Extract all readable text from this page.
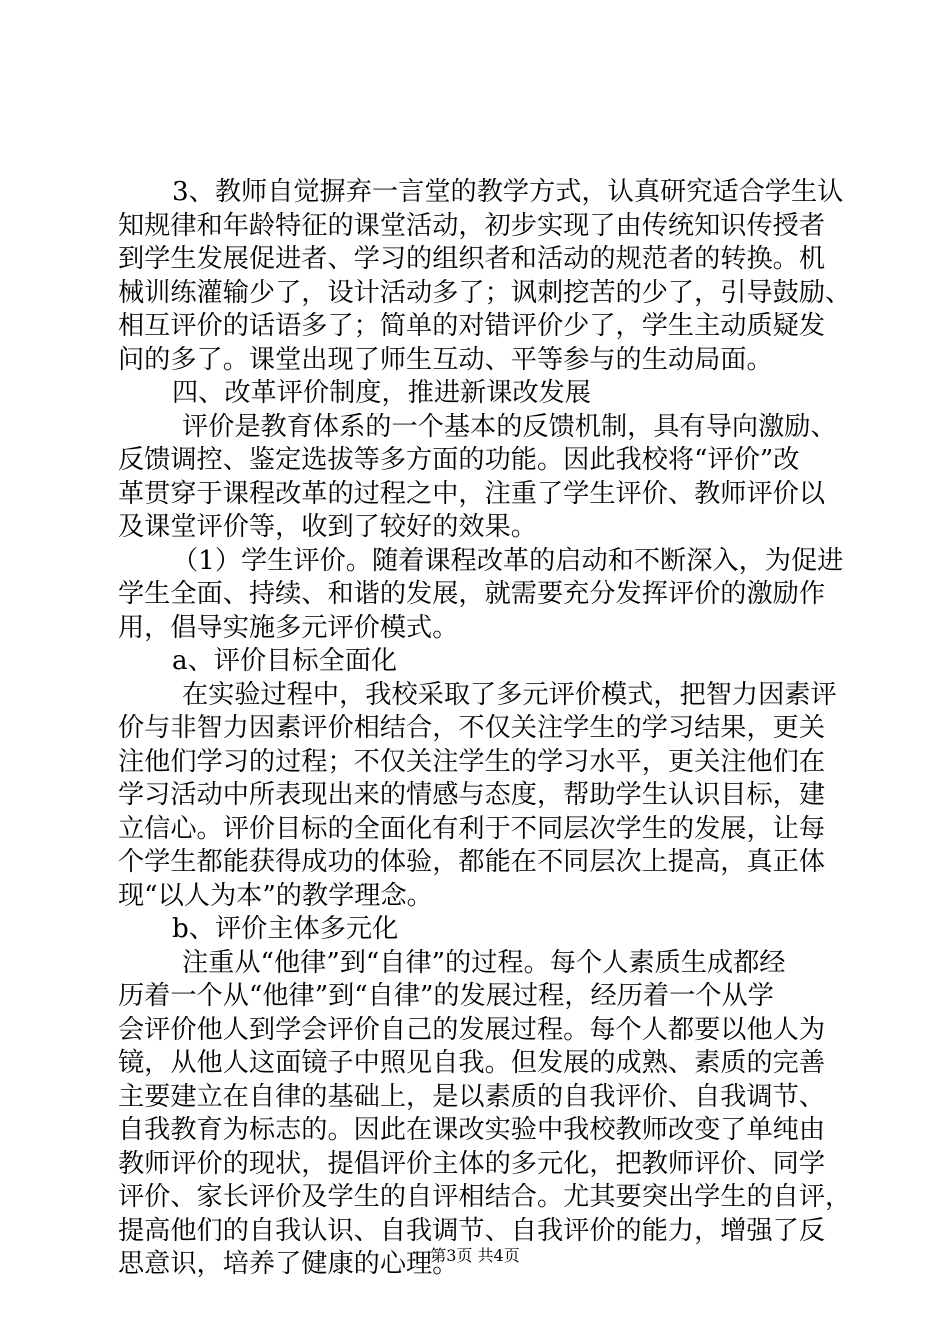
3、教师自觉摒弃一言堂的教学方式，认真研究适合学生认
知规律和年龄特征的课堂活动，初步实现了由传统知识传授者
到学生发展促进者、学习的组织者和活动的规范者的转换。机
械训练灌输少了，设计活动多了；讽刺挖苦的少了，引导鼓励、
相互评价的话语多了；简单的对错评价少了，学生主动质疑发
问的多了。课堂出现了师生互动、平等参与的生动局面。
四、改革评价制度，推进新课改发展
评价是教育体系的一个基本的反馈机制，具有导向激励、
反馈调控、鉴定选拔等多方面的功能。因此我校将“评价”改
革贯穿于课程改革的过程之中，注重了学生评价、教师评价以
及课堂评价等，收到了较好的效果。
（1）学生评价。随着课程改革的启动和不断深入，为促进
学生全面、持续、和谐的发展，就需要充分发挥评价的激励作
用，倡导实施多元评价模式。
a、评价目标全面化
在实验过程中，我校采取了多元评价模式，把智力因素评
价与非智力因素评价相结合，不仅关注学生的学习结果，更关
注他们学习的过程；不仅关注学生的学习水平，更关注他们在
学习活动中所表现出来的情感与态度，帮助学生认识目标，建
立信心。评价目标的全面化有利于不同层次学生的发展，让每
个学生都能获得成功的体验，都能在不同层次上提高，真正体
现“以人为本”的教学理念。
b、评价主体多元化
注重从“他律”到“自律”的过程。每个人素质生成都经
历着一个从“他律”到“自律”的发展过程，经历着一个从学
会评价他人到学会评价自己的发展过程。每个人都要以他人为
镜，从他人这面镜子中照见自我。但发展的成熟、素质的完善
主要建立在自律的基础上，是以素质的自我评价、自我调节、
自我教育为标志的。因此在课改实验中我校教师改变了单纯由
教师评价的现状，提倡评价主体的多元化，把教师评价、同学
评价、家长评价及学生的自评相结合。尤其要突出学生的自评，
提高他们的自我认识、自我调节、自我评价的能力，增强了反
思意识，培养了健康的心理。
第3页 共4页
